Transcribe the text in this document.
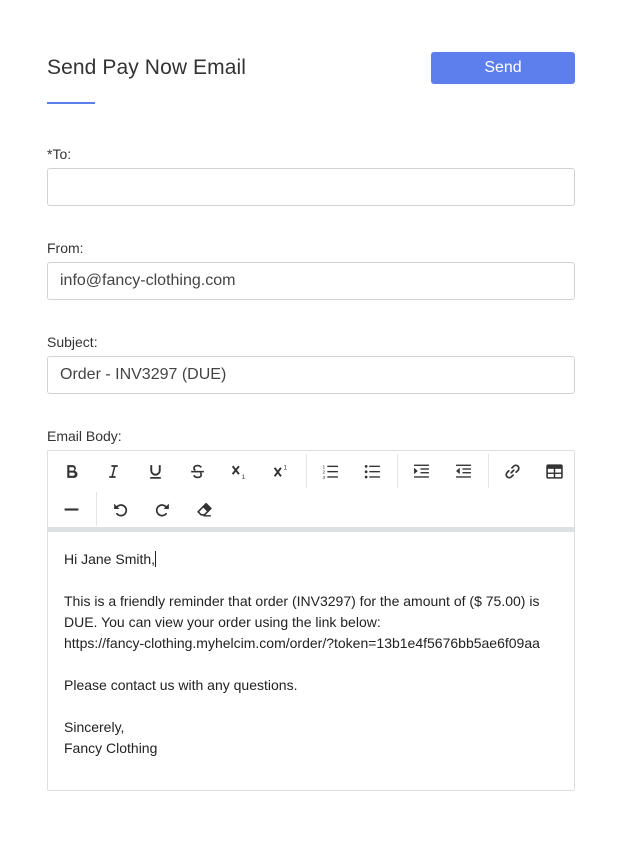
Send Pay Now Email	Send
*To:
From:
info@fancy-clothing.com
Subject:
Order - INV3297 (DUE)
Email Body:
1
1	1
2
3

Hi Jane Smith,

This is a friendly reminder that order (INV3297) for the amount of ($ 75.00) is DUE. You can view your order using the link below:
https://fancy-clothing.myhelcim.com/order/?token=13b1e4f5676bb5ae6f09aa

Please contact us with any questions.

Sincerely,

Fancy Clothing
